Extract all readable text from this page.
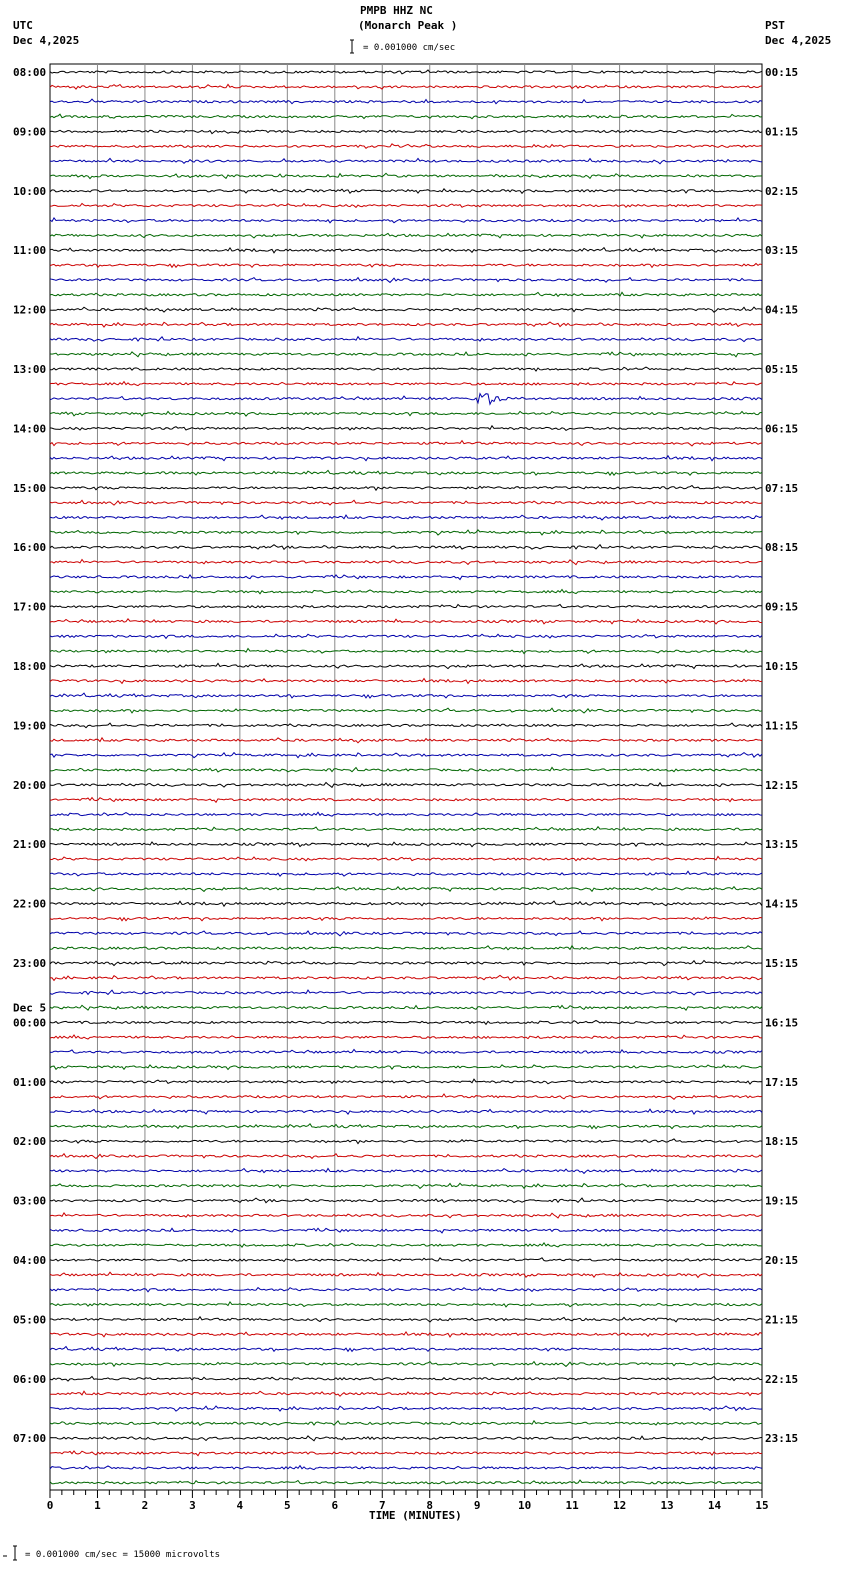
08:00
09:00
10:00
11:00
12:00
13:00
14:00
15:00
16:00
17:00
18:00
19:00
20:00
21:00
22:00
23:00
00:00
01:00
02:00
03:00
04:00
05:00
06:00
07:00
00:15
01:15
02:15
03:15
04:15
05:15
06:15
07:15
08:15
09:15
10:15
11:15
12:15
13:15
14:15
15:15
16:15
17:15
18:15
19:15
20:15
21:15
22:15
23:15
Dec 5
0	1	2	3	4	5	6	7	8	9	10	11	12	13	14	15
PMPB HHZ NC
(Monarch Peak )
= 0.001000 cm/sec
UTC
Dec 4,2025
PST
Dec 4,2025
TIME (MINUTES)
= 0.001000 cm/sec = 15000 microvolts
